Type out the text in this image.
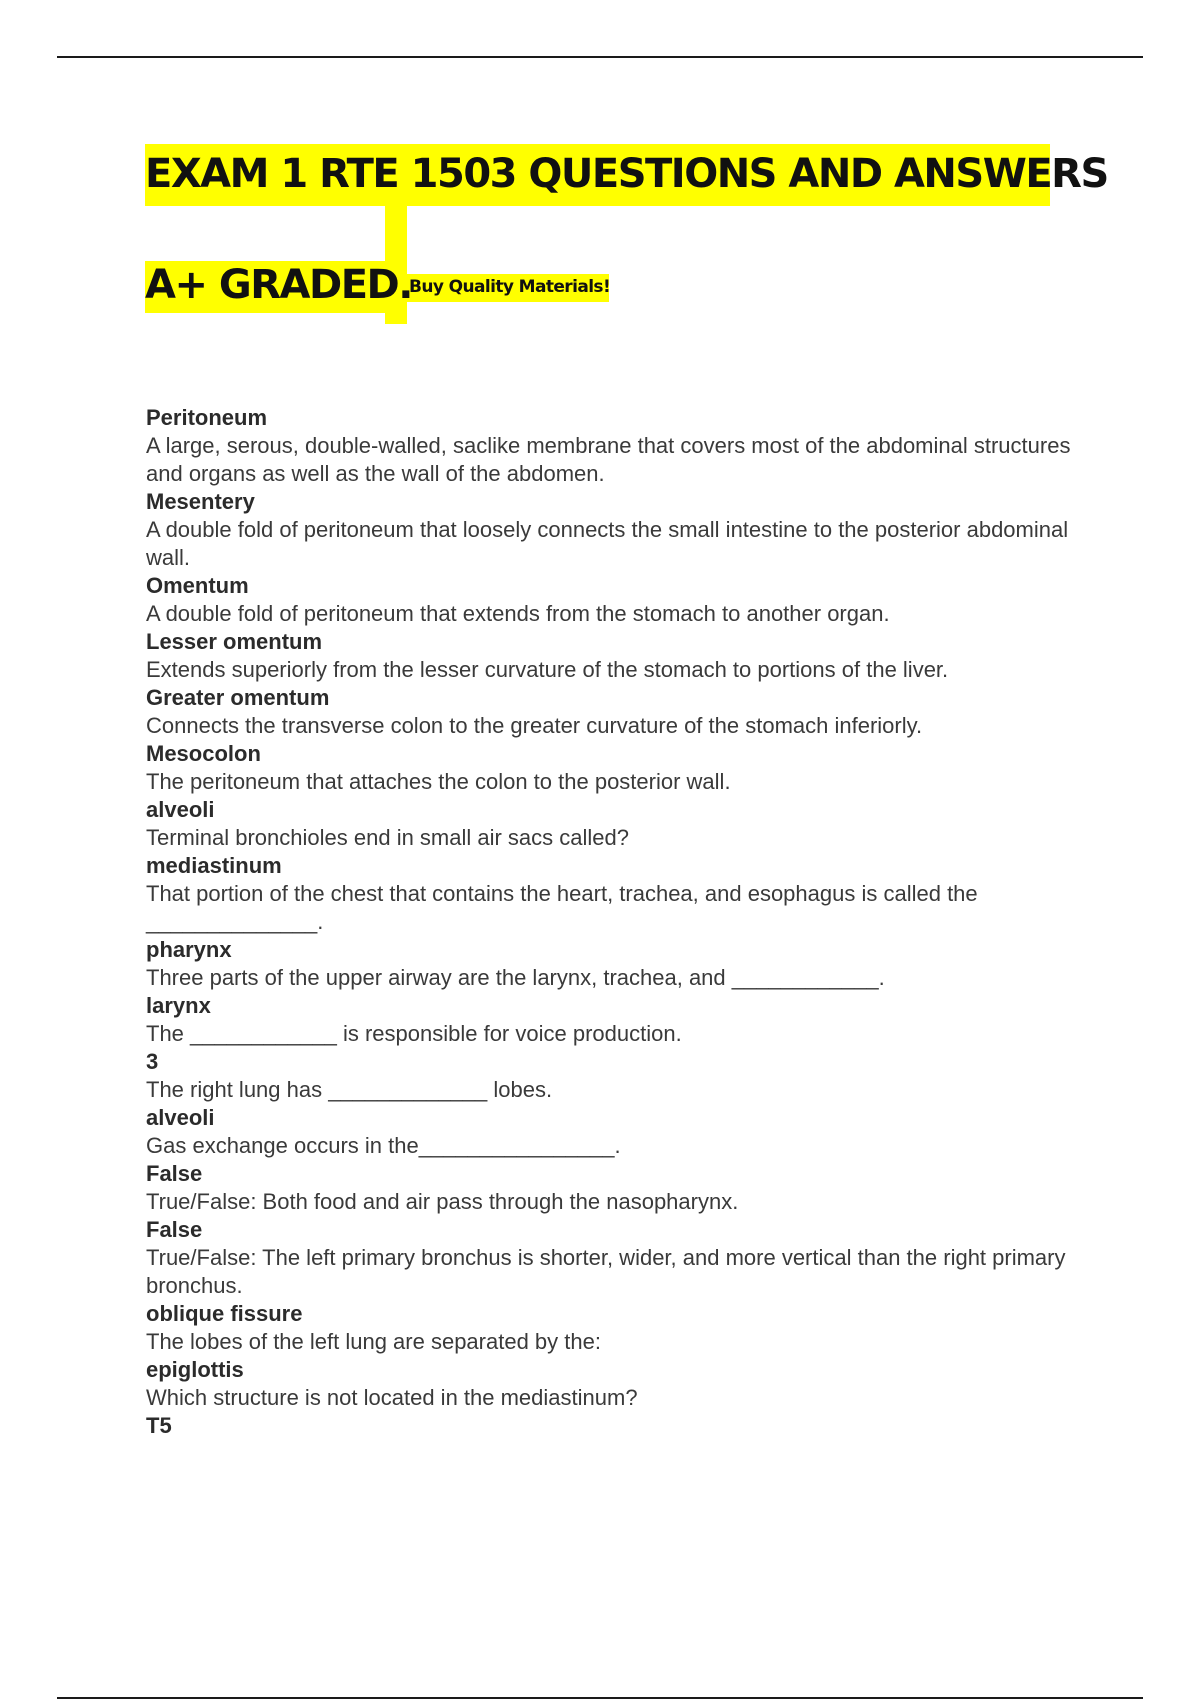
EXAM 1 RTE 1503 QUESTIONS AND ANSWERS
A+ GRADED.
Buy Quality Materials!
Peritoneum
A large, serous, double-walled, saclike membrane that covers most of the abdominal structures and organs as well as the wall of the abdomen.
Mesentery
A double fold of peritoneum that loosely connects the small intestine to the posterior abdominal wall.
Omentum
A double fold of peritoneum that extends from the stomach to another organ.
Lesser omentum
Extends superiorly from the lesser curvature of the stomach to portions of the liver.
Greater omentum
Connects the transverse colon to the greater curvature of the stomach inferiorly.
Mesocolon
The peritoneum that attaches the colon to the posterior wall.
alveoli
Terminal bronchioles end in small air sacs called?
mediastinum
That portion of the chest that contains the heart, trachea, and esophagus is called the ______________.
pharynx
Three parts of the upper airway are the larynx, trachea, and ____________.
larynx
The ____________ is responsible for voice production.
3
The right lung has _____________ lobes.
alveoli
Gas exchange occurs in the________________.
False
True/False: Both food and air pass through the nasopharynx.
False
True/False: The left primary bronchus is shorter, wider, and more vertical than the right primary bronchus.
oblique fissure
The lobes of the left lung are separated by the:
epiglottis
Which structure is not located in the mediastinum?
T5
